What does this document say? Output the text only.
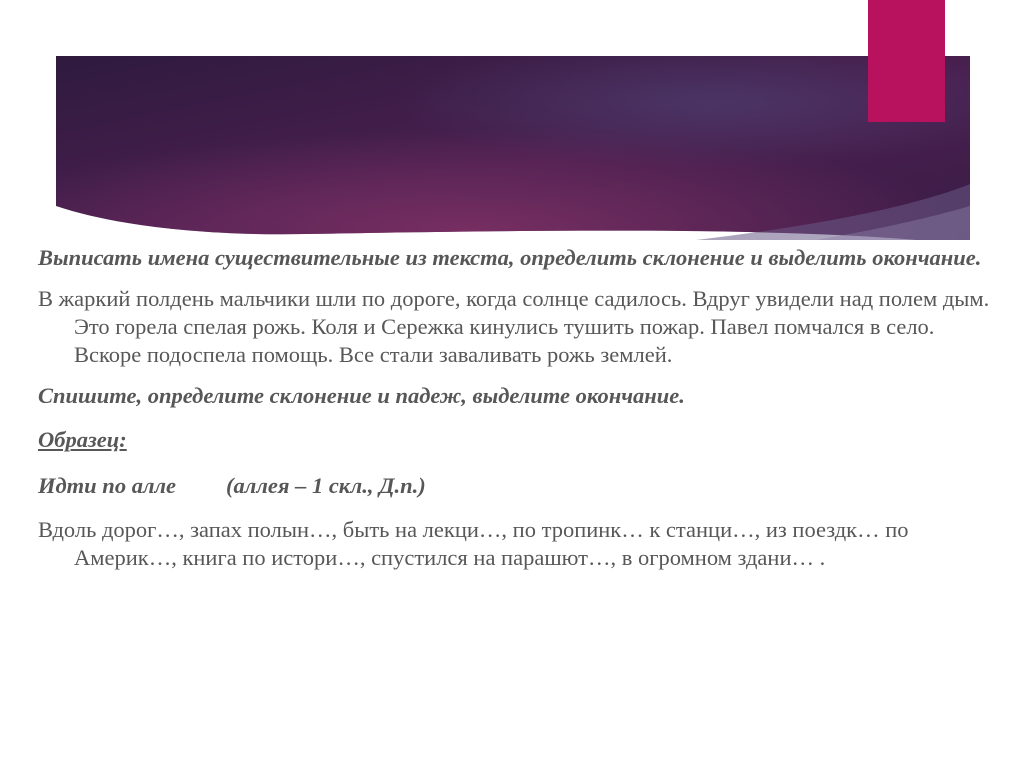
Выписать имена существительные из текста, определить склонение и выделить окончание.

В жаркий полдень мальчики шли по дороге, когда солнце садилось. Вдруг увидели над полем дым. Это горела спелая рожь. Коля и Сережка кинулись тушить пожар. Павел помчался в село. Вскоре подоспела помощь. Все стали заваливать рожь землей.

Спишите, определите склонение и падеж, выделите окончание.

Образец:

Идти по алле (аллея – 1 скл., Д.п.)

Вдоль дорог…, запах полын…, быть на лекци…, по тропинк… к станци…, из поездк… по Америк…, книга по истори…, спустился на парашют…, в огромном здани… .
